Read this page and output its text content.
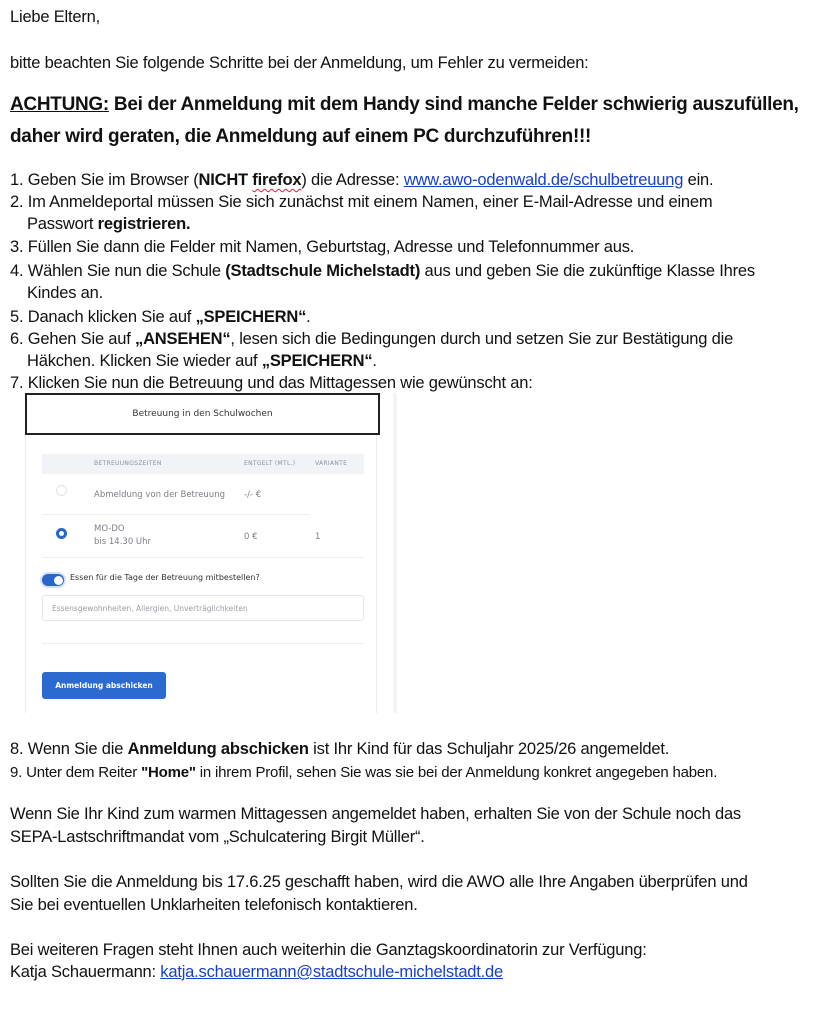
Liebe Eltern,
bitte beachten Sie folgende Schritte bei der Anmeldung, um Fehler zu vermeiden:
ACHTUNG: Bei der Anmeldung mit dem Handy sind manche Felder schwierig auszufüllen,
daher wird geraten, die Anmeldung auf einem PC durchzuführen!!!
1. Geben Sie im Browser (NICHT firefox) die Adresse: www.awo-odenwald.de/schulbetreuung ein.
2. Im Anmeldeportal müssen Sie sich zunächst mit einem Namen, einer E-Mail-Adresse und einem
Passwort registrieren.
3. Füllen Sie dann die Felder mit Namen, Geburtstag, Adresse und Telefonnummer aus.
4. Wählen Sie nun die Schule (Stadtschule Michelstadt) aus und geben Sie die zukünftige Klasse Ihres
Kindes an.
5. Danach klicken Sie auf „SPEICHERN“.
6. Gehen Sie auf „ANSEHEN“, lesen sich die Bedingungen durch und setzen Sie zur Bestätigung die
Häkchen. Klicken Sie wieder auf „SPEICHERN“.
7. Klicken Sie nun die Betreuung und das Mittagessen wie gewünscht an:
8. Wenn Sie die Anmeldung abschicken ist Ihr Kind für das Schuljahr 2025/26 angemeldet.
9. Unter dem Reiter "Home" in ihrem Profil, sehen Sie was sie bei der Anmeldung konkret angegeben haben.
Wenn Sie Ihr Kind zum warmen Mittagessen angemeldet haben, erhalten Sie von der Schule noch das
SEPA-Lastschriftmandat vom „Schulcatering Birgit Müller“.
Sollten Sie die Anmeldung bis 17.6.25 geschafft haben, wird die AWO alle Ihre Angaben überprüfen und
Sie bei eventuellen Unklarheiten telefonisch kontaktieren.
Bei weiteren Fragen steht Ihnen auch weiterhin die Ganztagskoordinatorin zur Verfügung:
Katja Schauermann: katja.schauermann@stadtschule-michelstadt.de
Betreuung in den Schulwochen
BETREUUNGSZEITEN	ENTGELT (MTL.)	VARIANTE
Abmeldung von der Betreuung -/- €
MO-DO
bis 14.30 Uhr	0 €	1
Essen für die Tage der Betreuung mitbestellen?
Essensgewohnheiten, Allergien, Unverträglichkeiten
Anmeldung abschicken
